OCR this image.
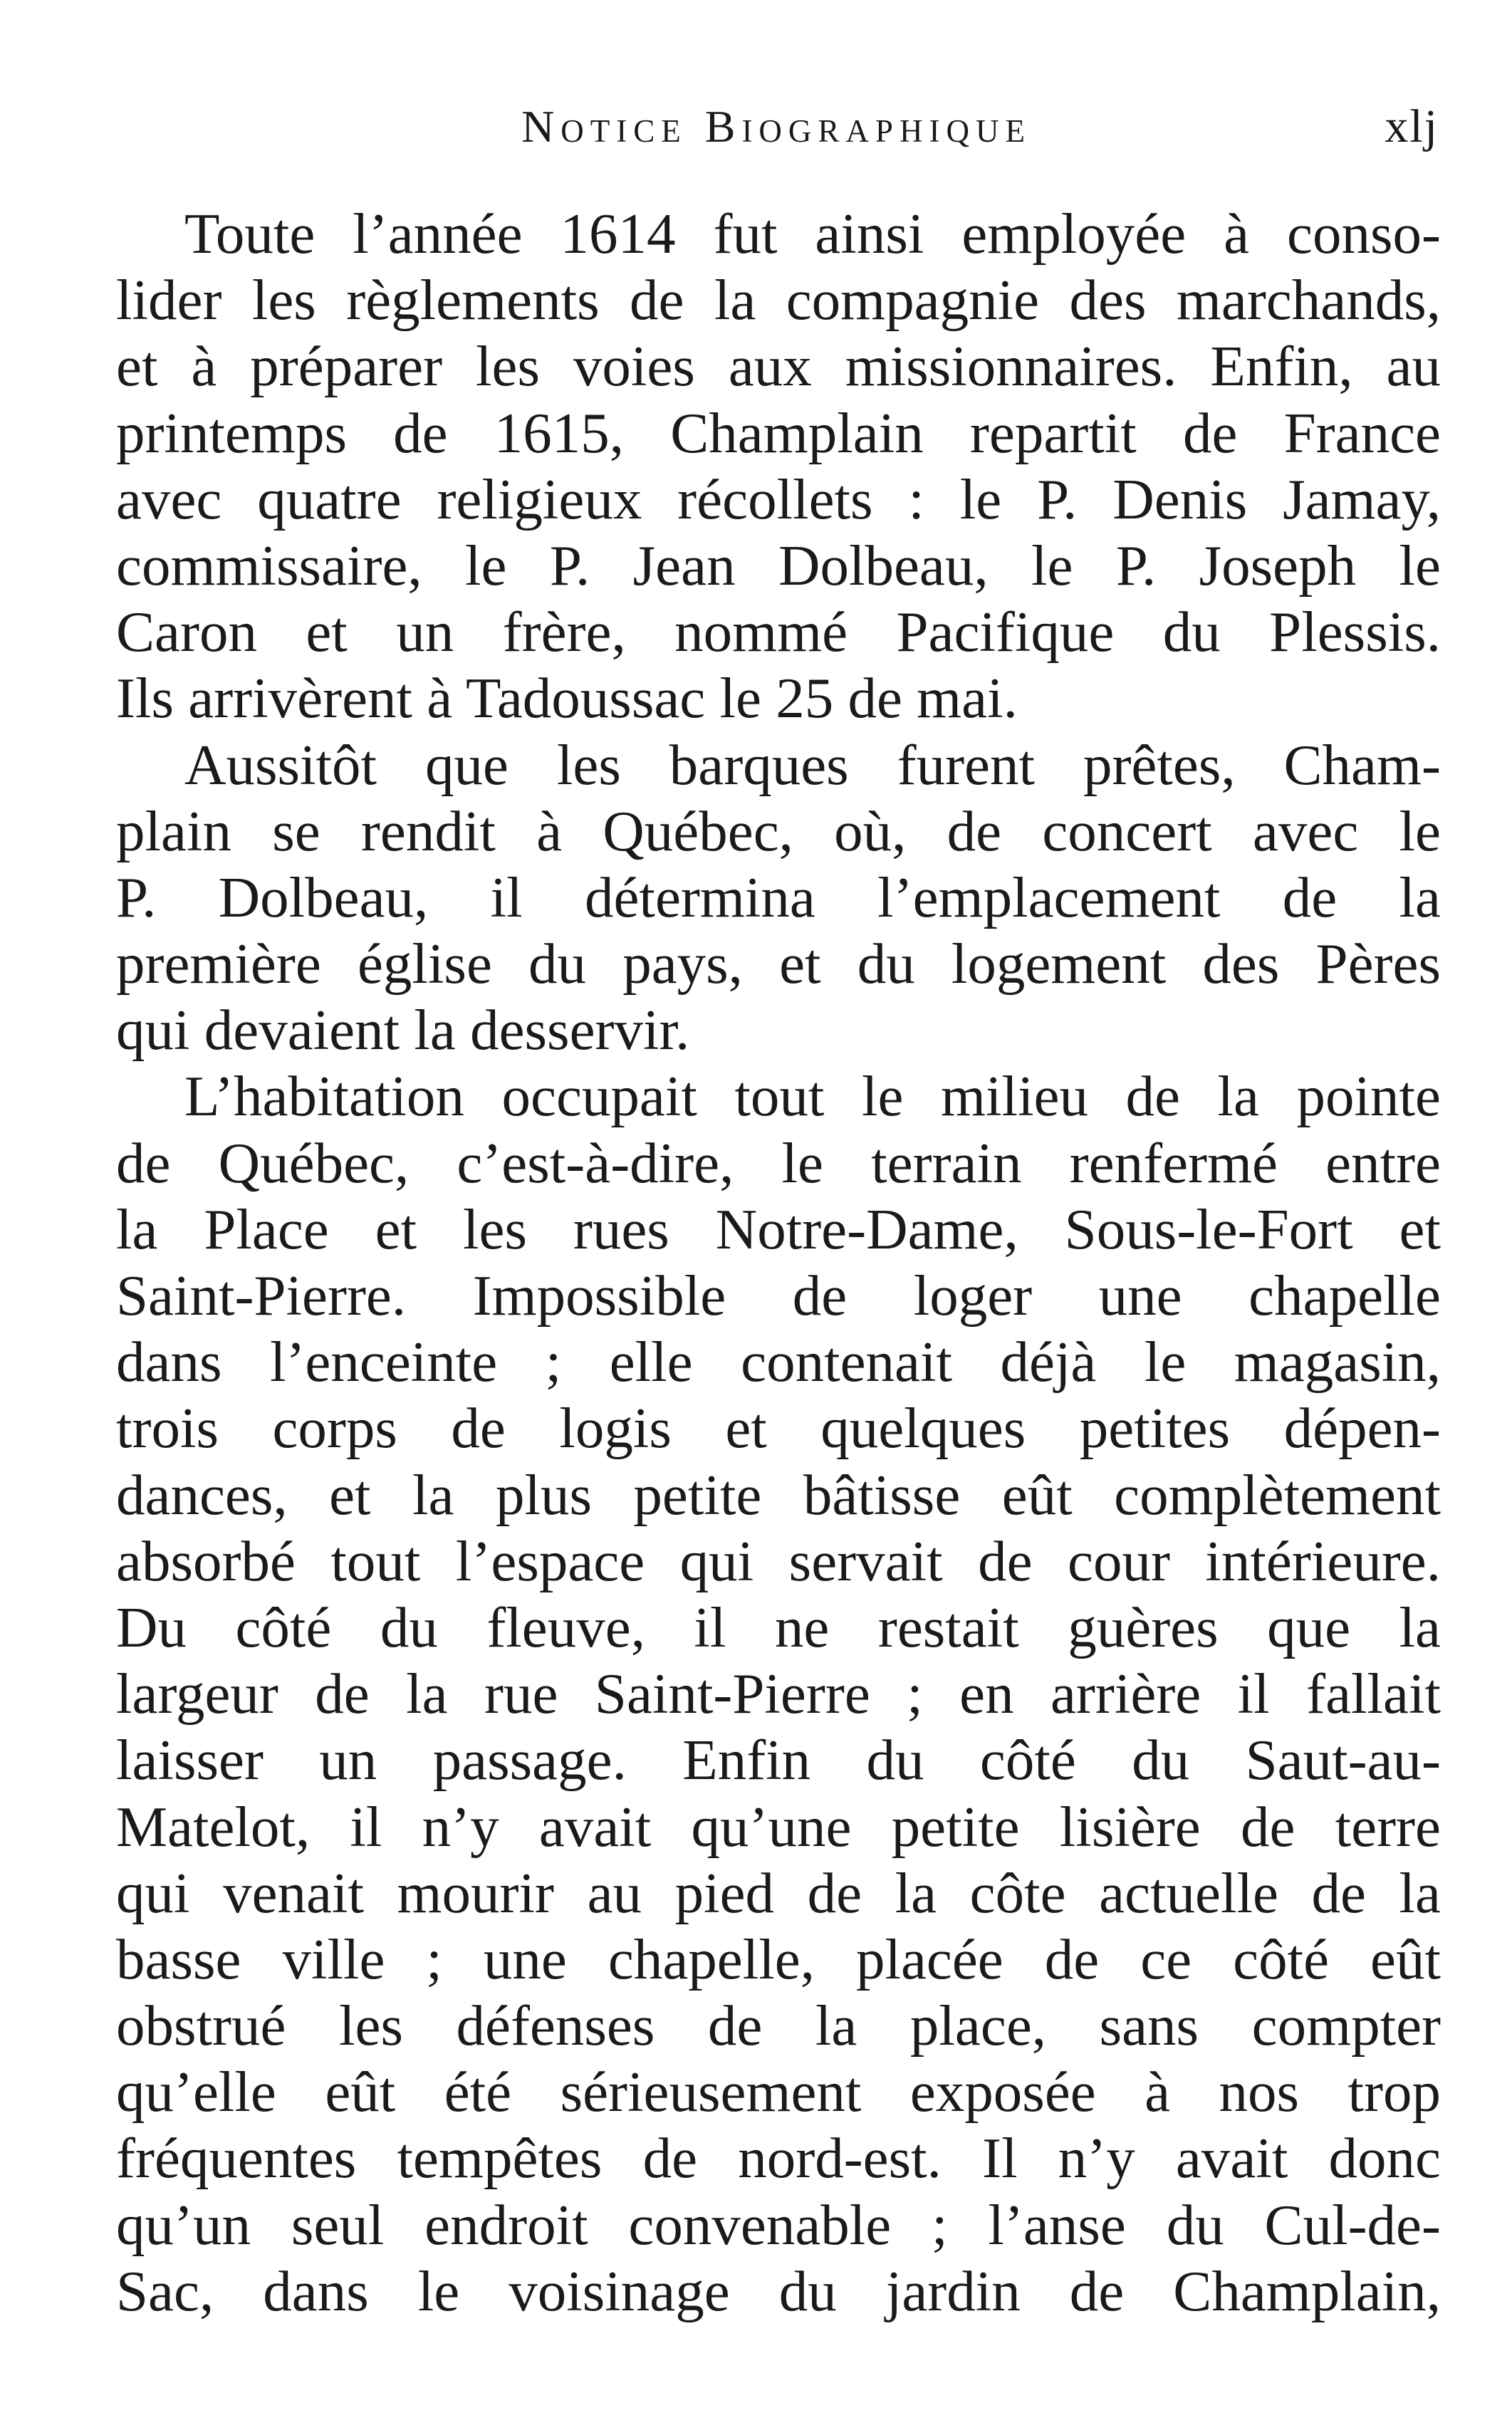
Notice Biographique	xlj

Toute l’année 1614 fut ainsi employée à conso-
lider les règlements de la compagnie des marchands,
et à préparer les voies aux missionnaires. Enfin, au
printemps de 1615, Champlain repartit de France
avec quatre religieux récollets : le P. Denis Jamay,
commissaire, le P. Jean Dolbeau, le P. Joseph le
Caron et un frère, nommé Pacifique du Plessis.
Ils arrivèrent à Tadoussac le 25 de mai.

Aussitôt que les barques furent prêtes, Cham-
plain se rendit à Québec, où, de concert avec le
P. Dolbeau, il détermina l’emplacement de la
première église du pays, et du logement des Pères
qui devaient la desservir.

L’habitation occupait tout le milieu de la pointe
de Québec, c’est-à-dire, le terrain renfermé entre
la Place et les rues Notre-Dame, Sous-le-Fort et
Saint-Pierre. Impossible de loger une chapelle
dans l’enceinte ; elle contenait déjà le magasin,
trois corps de logis et quelques petites dépen-
dances, et la plus petite bâtisse eût complètement
absorbé tout l’espace qui servait de cour intérieure.
Du côté du fleuve, il ne restait guères que la
largeur de la rue Saint-Pierre ; en arrière il fallait
laisser un passage. Enfin du côté du Saut-au-
Matelot, il n’y avait qu’une petite lisière de terre
qui venait mourir au pied de la côte actuelle de la
basse ville ; une chapelle, placée de ce côté eût
obstrué les défenses de la place, sans compter
qu’elle eût été sérieusement exposée à nos trop
fréquentes tempêtes de nord-est. Il n’y avait donc
qu’un seul endroit convenable ; l’anse du Cul-de-
Sac, dans le voisinage du jardin de Champlain,
